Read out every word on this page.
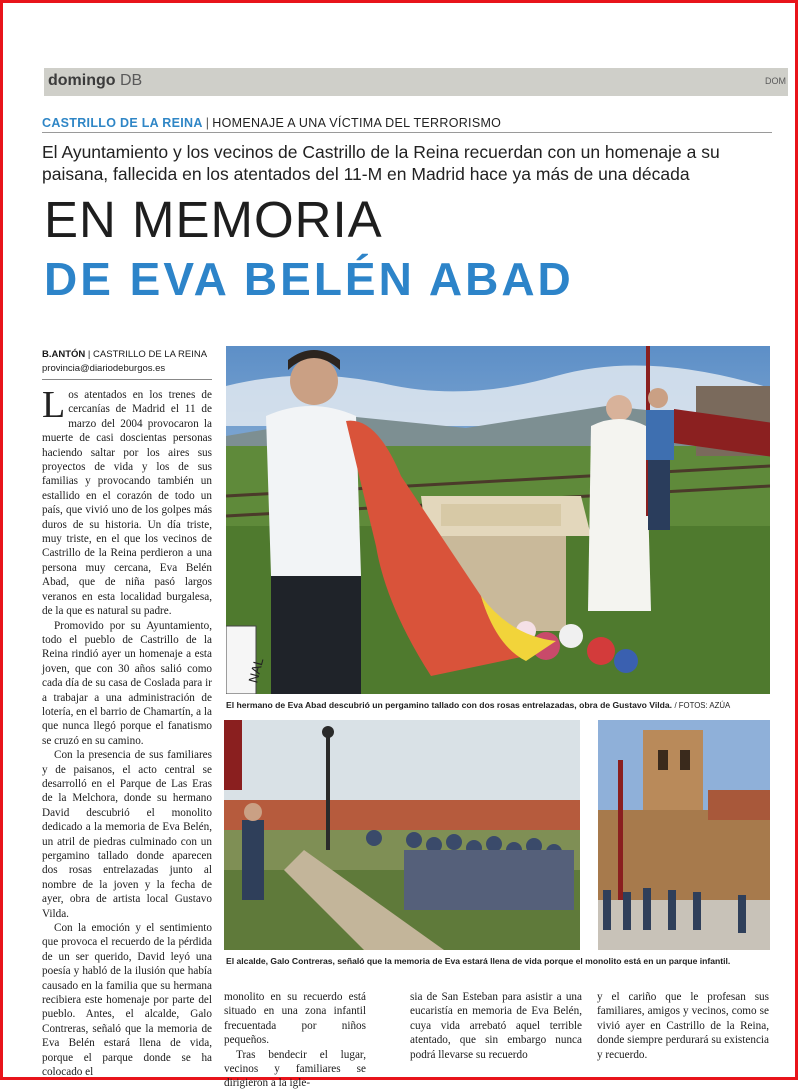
domingo DB	DOM
CASTRILLO DE LA REINA | HOMENAJE A UNA VÍCTIMA DEL TERRORISMO
El Ayuntamiento y los vecinos de Castrillo de la Reina recuerdan con un homenaje a su paisana, fallecida en los atentados del 11-M en Madrid hace ya más de una década
EN MEMORIA
DE EVA BELÉN ABAD
B.ANTÓN | CASTRILLO DE LA REINA
provincia@diariodeburgos.es

Los atentados en los trenes de cercanías de Madrid el 11 de marzo del 2004 provocaron la muerte de casi doscientas personas haciendo saltar por los aires sus proyectos de vida y los de sus familias y provocando también un estallido en el corazón de todo un país, que vivió uno de los golpes más duros de su historia. Un día triste, muy triste, en el que los vecinos de Castrillo de la Reina perdieron a una persona muy cercana, Eva Belén Abad, que de niña pasó largos veranos en esta localidad burgalesa, de la que es natural su padre.

Promovido por su Ayuntamiento, todo el pueblo de Castrillo de la Reina rindió ayer un homenaje a esta joven, que con 30 años salió como cada día de su casa de Coslada para ir a trabajar a una administración de lotería, en el barrio de Chamartín, a la que nunca llegó porque el fanatismo se cruzó en su camino.

Con la presencia de sus familiares y de paisanos, el acto central se desarrolló en el Parque de Las Eras de la Melchora, donde su hermano David descubrió el monolito dedicado a la memoria de Eva Belén, un atril de piedras culminado con un pergamino tallado donde aparecen dos rosas entrelazadas junto al nombre de la joven y la fecha de ayer, obra de artista local Gustavo Vilda.

Con la emoción y el sentimiento que provoca el recuerdo de la pérdida de un ser querido, David leyó una poesía y habló de la ilusión que había causado en la familia que su hermana recibiera este homenaje por parte del pueblo. Antes, el alcalde, Galo Contreras, señaló que la memoria de Eva Belén estará llena de vida, porque el parque donde se ha colocado el

NAL
El hermano de Eva Abad descubrió un pergamino tallado con dos rosas entrelazadas, obra de Gustavo Vilda. / FOTOS: AZÚA
El alcalde, Galo Contreras, señaló que la memoria de Eva estará llena de vida porque el monolito está en un parque infantil.

monolito en su recuerdo está situado en una zona infantil frecuentada por niños pequeños.

Tras bendecir el lugar, vecinos y familiares se dirigieron a la igle-

sia de San Esteban para asistir a una eucaristía en memoria de Eva Belén, cuya vida arrebató aquel terrible atentado, que sin embargo nunca podrá llevarse su recuerdo

y el cariño que le profesan sus familiares, amigos y vecinos, como se vivió ayer en Castrillo de la Reina, donde siempre perdurará su existencia y recuerdo.
